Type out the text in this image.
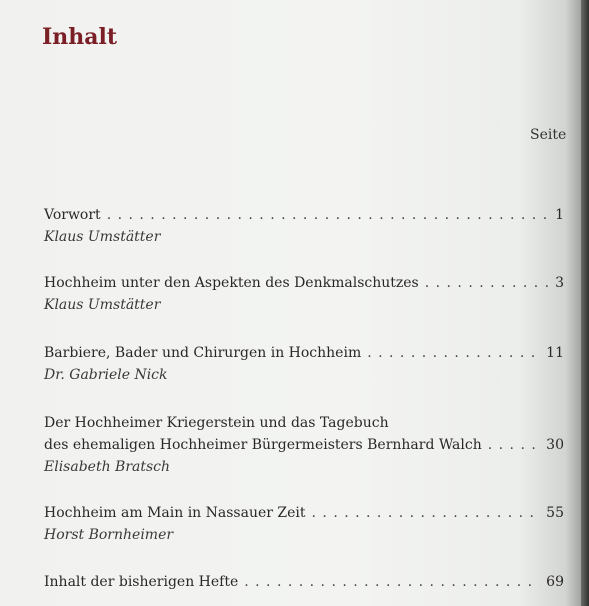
Inhalt
Seite
Vorwort . . .	1
Klaus Umstätter
Hochheim unter den Aspekten des Denkmalschutzes . . .	3
Klaus Umstätter
Barbiere, Bader und Chirurgen in Hochheim . . .	11
Dr. Gabriele Nick
Der Hochheimer Kriegerstein und das Tagebuch
des ehemaligen Hochheimer Bürgermeisters Bernhard Walch . . .	30
Elisabeth Bratsch
Hochheim am Main in Nassauer Zeit . . .	55
Horst Bornheimer
Inhalt der bisherigen Hefte . . .	69
